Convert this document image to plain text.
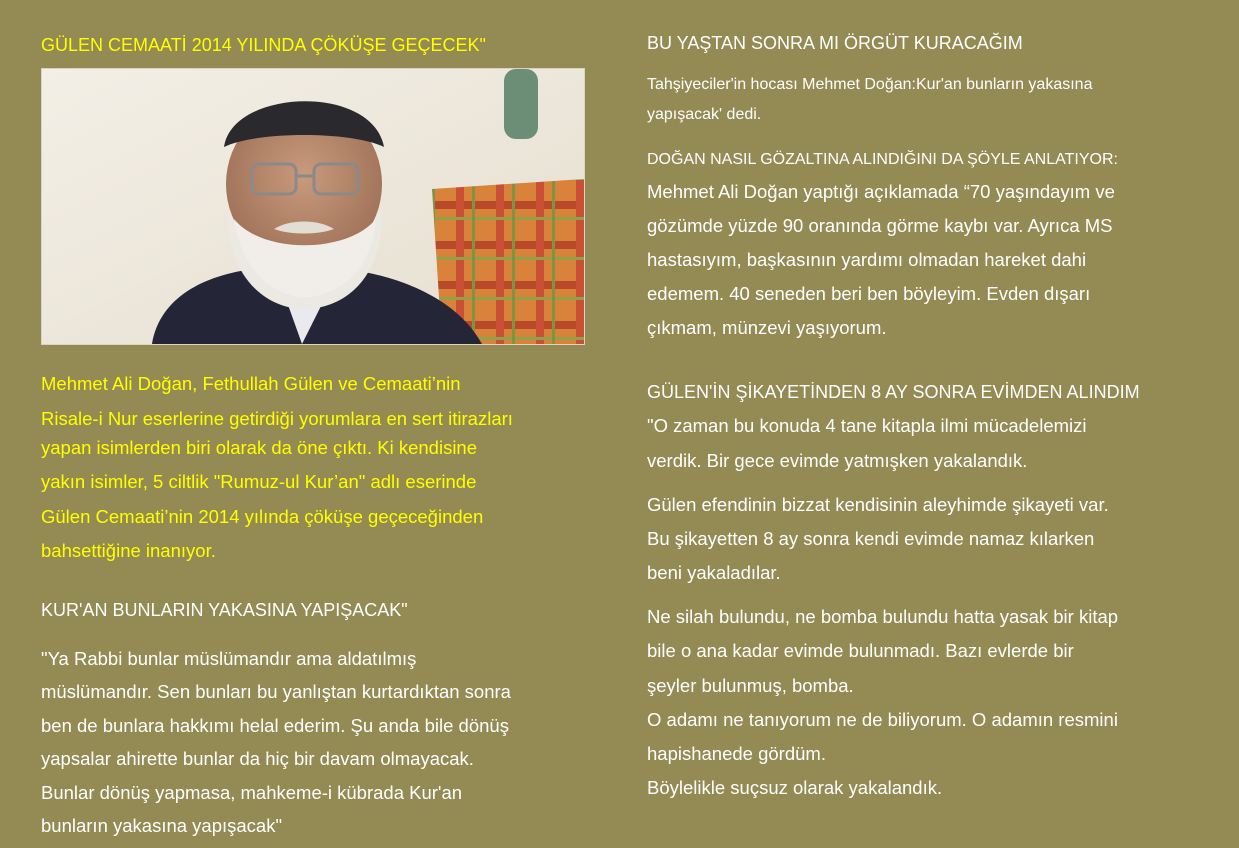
GÜLEN CEMAATİ 2014 YILINDA ÇÖKÜŞE GEÇECEK"
Mehmet Ali Doğan, Fethullah Gülen ve Cemaati’nin
Risale-i Nur eserlerine getirdiği yorumlara en sert itirazları
yapan isimlerden biri olarak da öne çıktı. Ki kendisine
yakın isimler, 5 ciltlik "Rumuz-ul Kur’an" adlı eserinde
Gülen Cemaati’nin 2014 yılında çöküşe geçeceğinden
bahsettiğine inanıyor.
KUR'AN BUNLARIN YAKASINA YAPIŞACAK"
"Ya Rabbi bunlar müslümandır ama aldatılmış
müslümandır. Sen bunları bu yanlıştan kurtardıktan sonra
ben de bunlara hakkımı helal ederim. Şu anda bile dönüş
yapsalar ahirette bunlar da hiç bir davam olmayacak.
Bunlar dönüş yapmasa, mahkeme-i kübrada Kur'an
bunların yakasına yapışacak"
BU YAŞTAN SONRA MI ÖRGÜT KURACAĞIM
Tahşiyeciler'in hocası Mehmet Doğan:Kur'an bunların yakasına
yapışacak' dedi.
DOĞAN NASIL GÖZALTINA ALINDIĞINI DA ŞÖYLE ANLATIYOR:
Mehmet Ali Doğan yaptığı açıklamada “70 yaşındayım ve
gözümde yüzde 90 oranında görme kaybı var. Ayrıca MS
hastasıyım, başkasının yardımı olmadan hareket dahi
edemem. 40 seneden beri ben böyleyim. Evden dışarı
çıkmam, münzevi yaşıyorum.
GÜLEN'İN ŞİKAYETİNDEN 8 AY SONRA EVİMDEN ALINDIM
"O zaman bu konuda 4 tane kitapla ilmi mücadelemizi
verdik. Bir gece evimde yatmışken yakalandık.
Gülen efendinin bizzat kendisinin aleyhimde şikayeti var.
Bu şikayetten 8 ay sonra kendi evimde namaz kılarken
beni yakaladılar.
Ne silah bulundu, ne bomba bulundu hatta yasak bir kitap
bile o ana kadar evimde bulunmadı. Bazı evlerde bir
şeyler bulunmuş, bomba.
O adamı ne tanıyorum ne de biliyorum. O adamın resmini
hapishanede gördüm.
Böylelikle suçsuz olarak yakalandık.
